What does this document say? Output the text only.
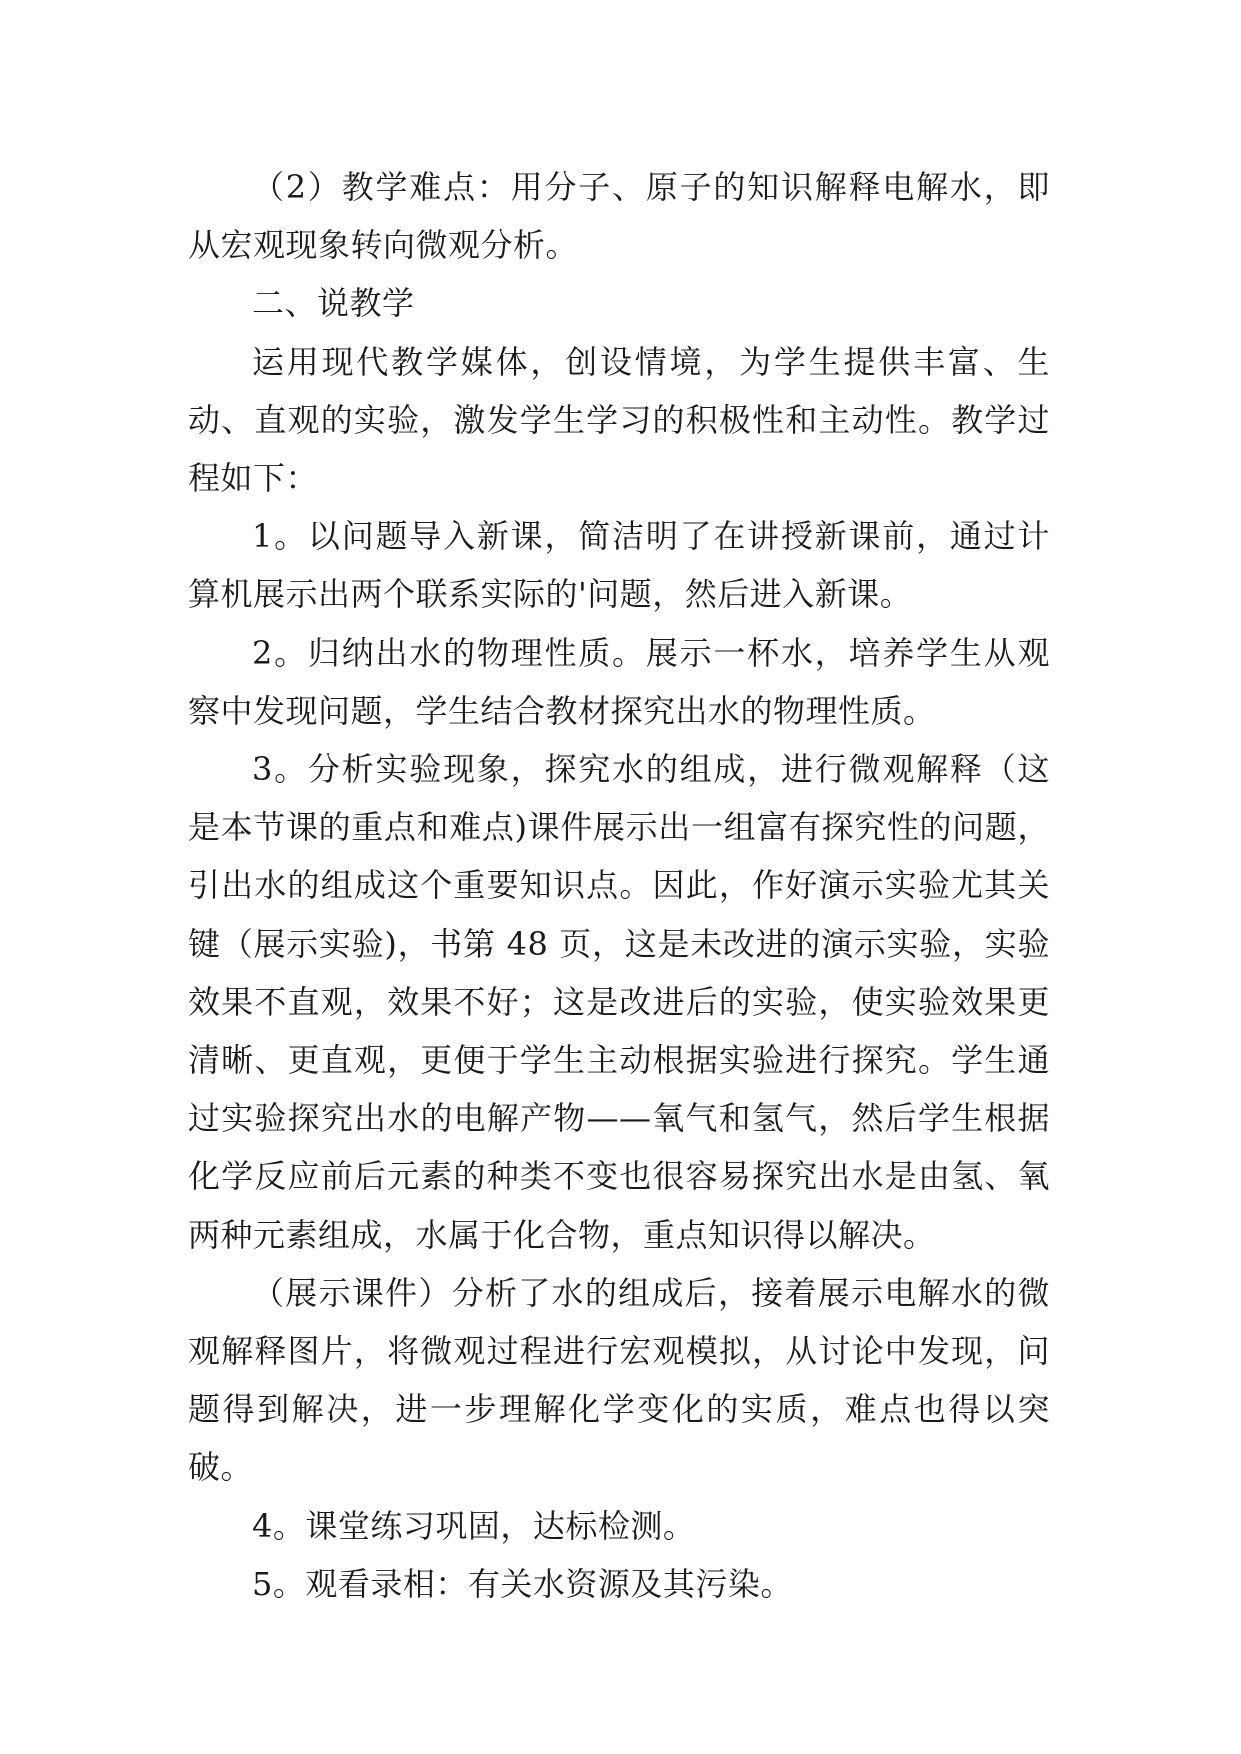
（2）教学难点：用分子、原子的知识解释电解水，即从宏观现象转向微观分析。

二、说教学

运用现代教学媒体，创设情境，为学生提供丰富、生动、直观的实验，激发学生学习的积极性和主动性。教学过程如下：

1。以问题导入新课，简洁明了在讲授新课前，通过计算机展示出两个联系实际的'问题，然后进入新课。

2。归纳出水的物理性质。展示一杯水，培养学生从观察中发现问题，学生结合教材探究出水的物理性质。

3。分析实验现象，探究水的组成，进行微观解释（这是本节课的重点和难点)课件展示出一组富有探究性的问题，引出水的组成这个重要知识点。因此，作好演示实验尤其关键（展示实验)，书第 48 页，这是未改进的演示实验，实验效果不直观，效果不好；这是改进后的实验，使实验效果更清晰、更直观，更便于学生主动根据实验进行探究。学生通过实验探究出水的电解产物——氧气和氢气，然后学生根据化学反应前后元素的种类不变也很容易探究出水是由氢、氧两种元素组成，水属于化合物，重点知识得以解决。

（展示课件）分析了水的组成后，接着展示电解水的微观解释图片，将微观过程进行宏观模拟，从讨论中发现，问题得到解决，进一步理解化学变化的实质，难点也得以突破。

4。课堂练习巩固，达标检测。

5。观看录相：有关水资源及其污染。
